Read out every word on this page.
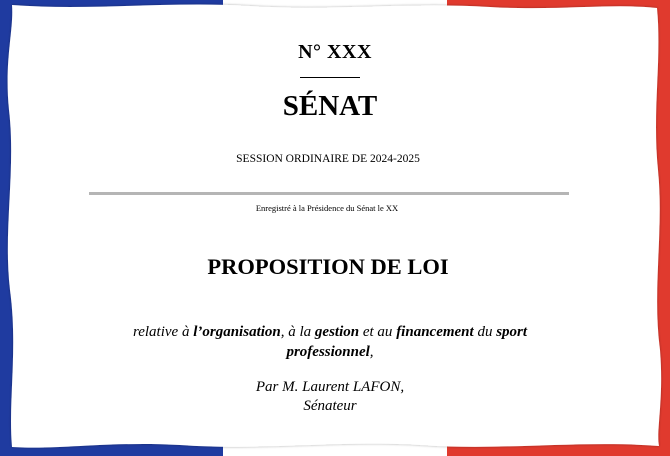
N° XXX
SÉNAT
SESSION ORDINAIRE DE 2024-2025
Enregistré à la Présidence du Sénat le XX
PROPOSITION DE LOI
relative à l’organisation, à la gestion et au financement du sport professionnel,
Par M. Laurent LAFON,
Sénateur
